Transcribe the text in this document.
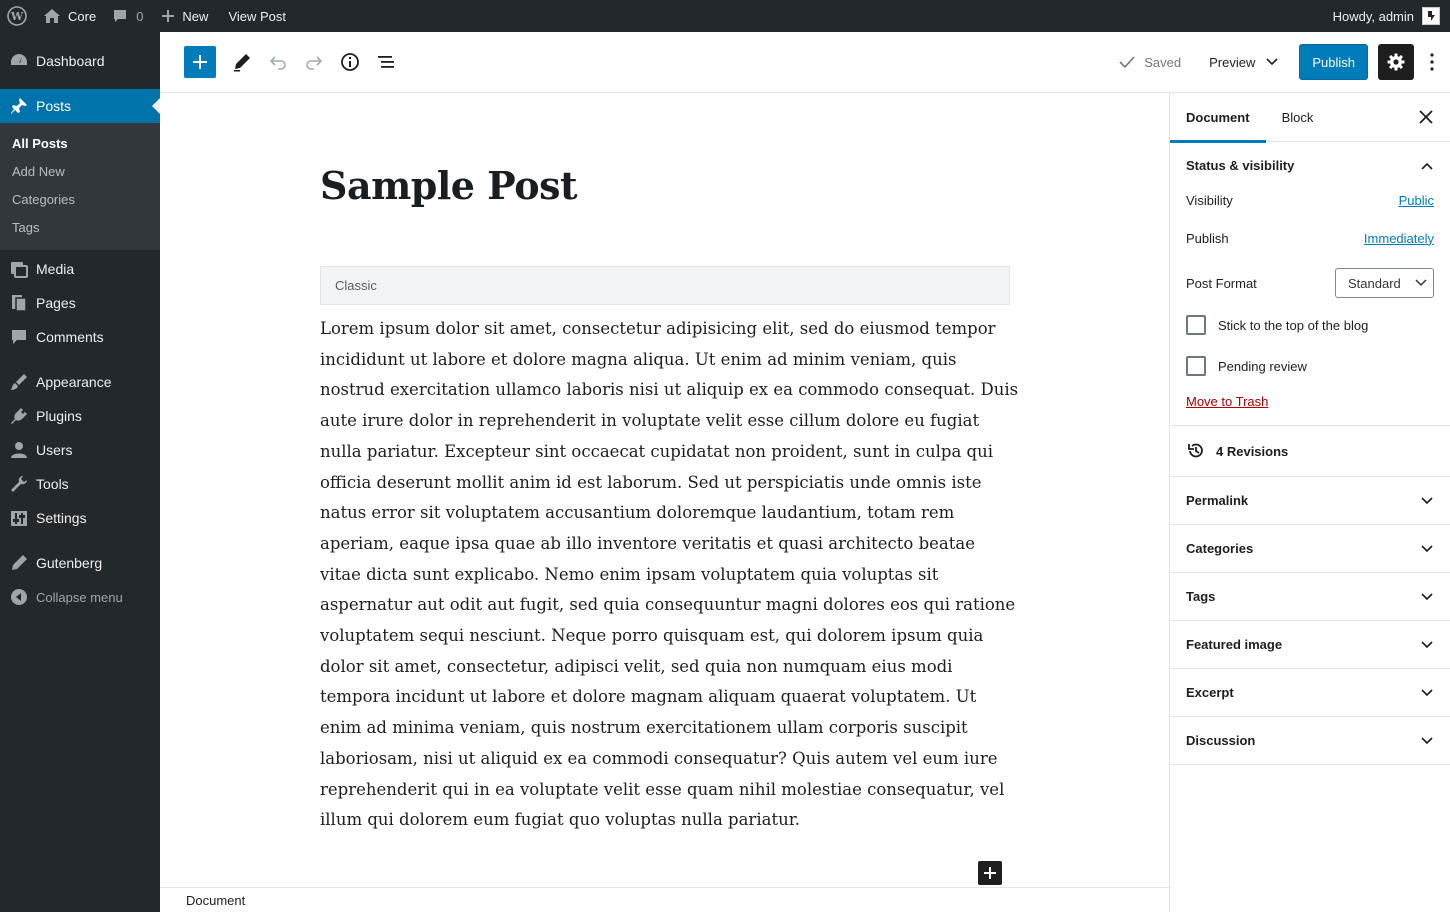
W	Core	0	New View Post	Howdy, admin
Dashboard
Posts
All Posts
Add New
Categories
Tags
Media
Pages
Comments
Appearance
Plugins
Users
Tools
Settings
Gutenberg
Collapse menu
Saved Preview	Publish
Sample Post
Classic
Lorem ipsum dolor sit amet, consectetur adipisicing elit, sed do eiusmod tempor incididunt ut labore et dolore magna aliqua. Ut enim ad minim veniam, quis nostrud exercitation ullamco laboris nisi ut aliquip ex ea commodo consequat. Duis aute irure dolor in reprehenderit in voluptate velit esse cillum dolore eu fugiat nulla pariatur. Excepteur sint occaecat cupidatat non proident, sunt in culpa qui officia deserunt mollit anim id est laborum. Sed ut perspiciatis unde omnis iste natus error sit voluptatem accusantium doloremque laudantium, totam rem aperiam, eaque ipsa quae ab illo inventore veritatis et quasi architecto beatae vitae dicta sunt explicabo. Nemo enim ipsam voluptatem quia voluptas sit aspernatur aut odit aut fugit, sed quia consequuntur magni dolores eos qui ratione voluptatem sequi nesciunt. Neque porro quisquam est, qui dolorem ipsum quia dolor sit amet, consectetur, adipisci velit, sed quia non numquam eius modi tempora incidunt ut labore et dolore magnam aliquam quaerat voluptatem. Ut enim ad minima veniam, quis nostrum exercitationem ullam corporis suscipit laboriosam, nisi ut aliquid ex ea commodi consequatur? Quis autem vel eum iure reprehenderit qui in ea voluptate velit esse quam nihil molestiae consequatur, vel illum qui dolorem eum fugiat quo voluptas nulla pariatur.
Document
Document	Block
Status & visibility
Visibility	Public
Publish	Immediately
Post Format	Standard
Stick to the top of the blog
Pending review
Move to Trash
4 Revisions
Permalink
Categories
Tags
Featured image
Excerpt
Discussion
